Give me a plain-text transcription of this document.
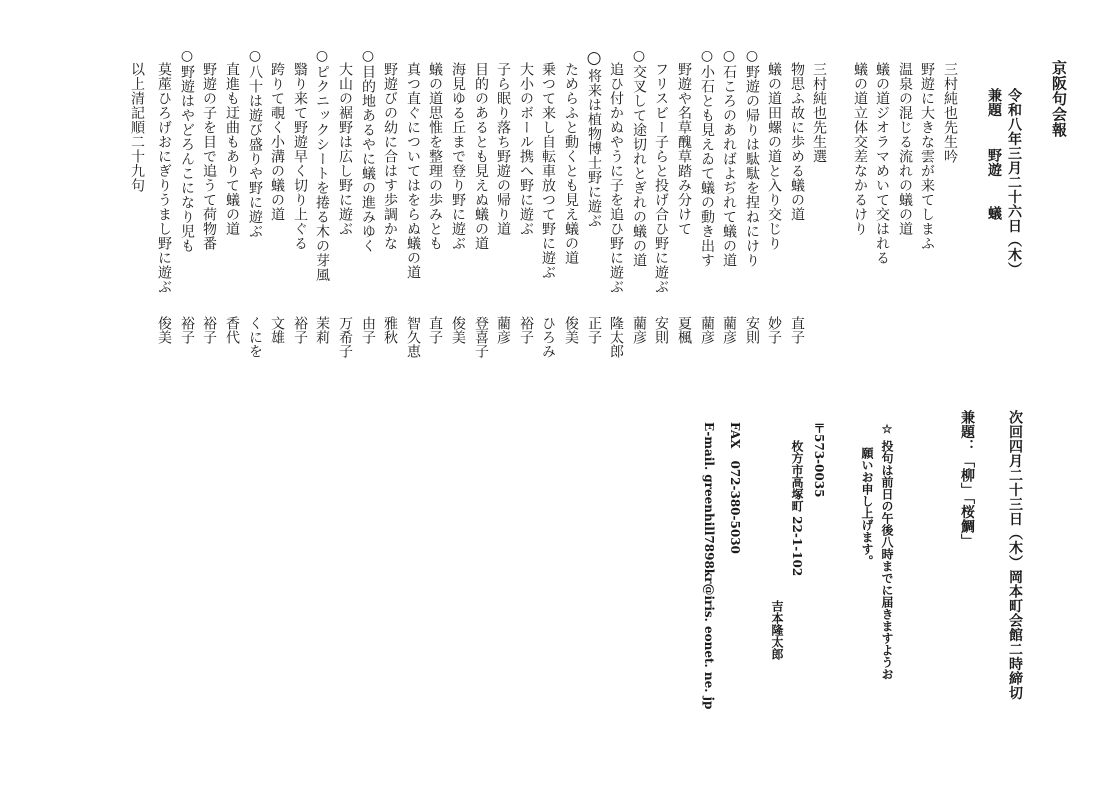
京阪句会報
令和八年三月二十六日（木）
兼題
野遊　　蟻
三村純也先生吟
野遊に大きな雲が来てしまふ
温泉の混じる流れの蟻の道
蟻の道ジオラマめいて交はれる
蟻の道立体交差なかるけり
三村純也先生選
物思ふ故に歩める蟻の道
直子
蟻の道田螺の道と入り交じり
妙子
○野遊の帰りは駄駄を捏ねにけり
安則
○石ころのあればよぢれて蟻の道
藺彦
○小石とも見えゐて蟻の動き出す
藺彦
野遊や名草醜草踏み分けて
夏楓
フリスビー子らと投げ合ひ野に遊ぶ
安則
○交叉して途切れとぎれの蟻の道
藺彦
追ひ付かぬやうに子を追ひ野に遊ぶ
隆太郎
○将来は植物博士野に遊ぶ
正子
ためらふと動くとも見え蟻の道
俊美
乗つて来し自転車放つて野に遊ぶ
ひろみ
大小のボール携へ野に遊ぶ
裕子
子ら眠り落ち野遊の帰り道
藺彦
目的のあるとも見えぬ蟻の道
登喜子
海見ゆる丘まで登り野に遊ぶ
俊美
蟻の道思惟を整理の歩みとも
直子
真つ直ぐについてはをらぬ蟻の道
智久恵
野遊びの幼に合はす歩調かな
雅秋
○目的地あるやに蟻の進みゆく
由子
大山の裾野は広し野に遊ぶ
万希子
○ピクニックシートを捲る木の芽風
茉莉
翳り来て野遊早く切り上ぐる
裕子
跨りて覗く小溝の蟻の道
文雄
○八十は遊び盛りや野に遊ぶ
くにを
直進も迂曲もありて蟻の道
香代
野遊の子を目で追うて荷物番
裕子
○野遊はやどろんこになり児も
裕子
莫蓙ひろげおにぎりうまし野に遊ぶ
俊美
以上清記順二十九句
次回四月二十三日（木）岡本町会館二時締切
兼題：「柳」「桜鯛」
☆ 投句は前日の午後八時までに届きますようお
願いお申し上げます。
〒573-0035
枚方市高塚町 22-1-102
吉本隆太郎
FAX　072-380-5030
E-mail. greenhill7898kr@iris. eonet. ne. jp
